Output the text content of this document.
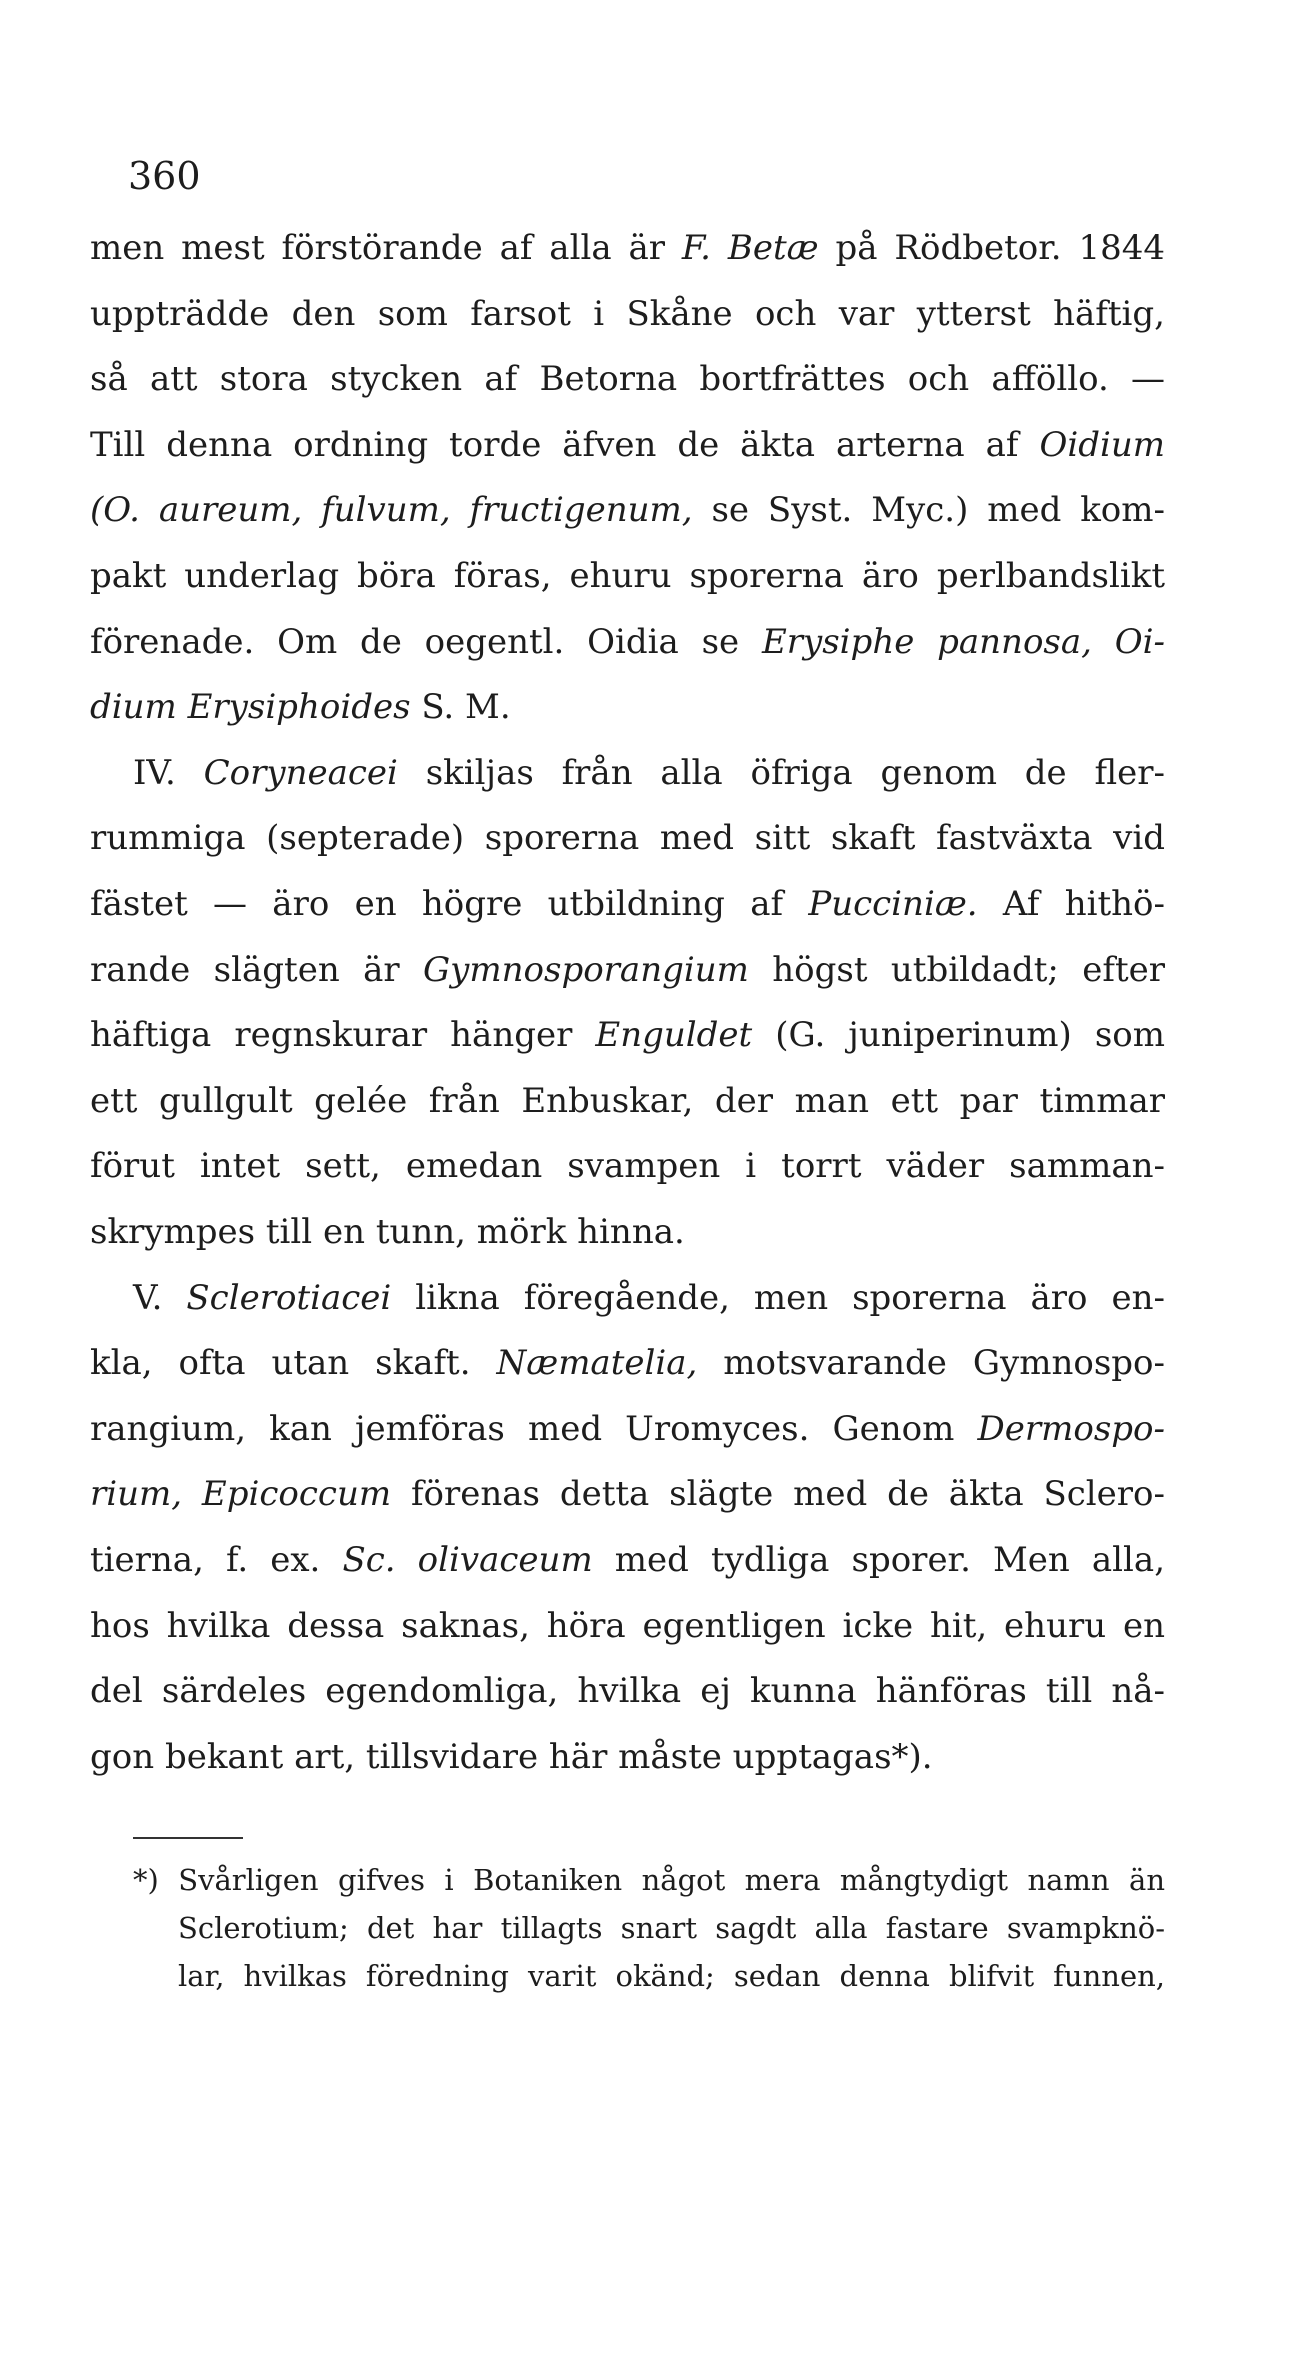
360

men mest förstörande af alla är F. Betæ på Rödbetor. 1844

uppträdde den som farsot i Skåne och var ytterst häftig,

så att stora stycken af Betorna bortfrättes och afföllo. —

Till denna ordning torde äfven de äkta arterna af Oidium

(O. aureum, fulvum, fructigenum, se Syst. Myc.) med kom-

pakt underlag böra föras, ehuru sporerna äro perlbandslikt

förenade. Om de oegentl. Oidia se Erysiphe pannosa, Oi-

dium Erysiphoides S. M.

IV. Coryneacei skiljas från alla öfriga genom de fler-

rummiga (septerade) sporerna med sitt skaft fastväxta vid

fästet — äro en högre utbildning af Pucciniæ. Af hithö-

rande slägten är Gymnosporangium högst utbildadt; efter

häftiga regnskurar hänger Enguldet (G. juniperinum) som

ett gullgult gelée från Enbuskar, der man ett par timmar

förut intet sett, emedan svampen i torrt väder samman-

skrympes till en tunn, mörk hinna.

V. Sclerotiacei likna föregående, men sporerna äro en-

kla, ofta utan skaft. Næmatelia, motsvarande Gymnospo-

rangium, kan jemföras med Uromyces. Genom Dermospo-

rium, Epicoccum förenas detta slägte med de äkta Sclero-

tierna, f. ex. Sc. olivaceum med tydliga sporer. Men alla,

hos hvilka dessa saknas, höra egentligen icke hit, ehuru en

del särdeles egendomliga, hvilka ej kunna hänföras till nå-

gon bekant art, tillsvidare här måste upptagas*).

*) Svårligen gifves i Botaniken något mera mångtydigt namn än

Sclerotium; det har tillagts snart sagdt alla fastare svampknö-

lar, hvilkas föredning varit okänd; sedan denna blifvit funnen,
